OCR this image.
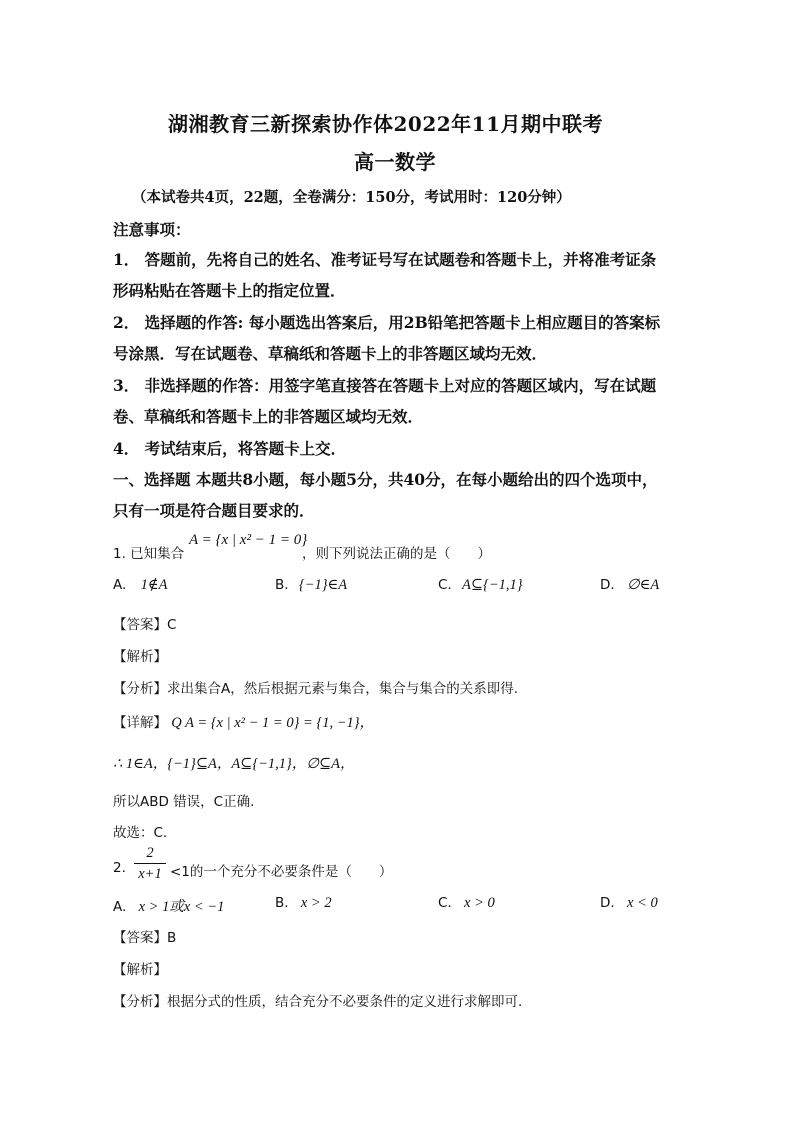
湖湘教育三新探索协作体2022年11月期中联考
高一数学
（本试卷共4页，22题，全卷满分：150分，考试用时：120分钟）
注意事项：
1． 答题前，先将自己的姓名、准考证号写在试题卷和答题卡上，并将准考证条
形码粘贴在答题卡上的指定位置．
2． 选择题的作答: 每小题选出答案后，用2B铅笔把答题卡上相应题目的答案标
号涂黑．写在试题卷、草稿纸和答题卡上的非答题区域均无效．
3． 非选择题的作答：用签字笔直接答在答题卡上对应的答题区域内，写在试题
卷、草稿纸和答题卡上的非答题区域均无效．
4． 考试结束后，将答题卡上交．
一、选择题 本题共8小题，每小题5分，共40分，在每小题给出的四个选项中，
只有一项是符合题目要求的．
1. 已知集合
A = {x | x² − 1 = 0}
，则下列说法正确的是（　　）
A. 1∉A	B. {−1}∈A	C. A⊆{−1,1}	D. ∅∈A
【答案】C
【解析】
【分析】求出集合A，然后根据元素与集合，集合与集合的关系即得.
【详解】 Q A = {x | x² − 1 = 0} = {1, −1}，
∴ 1∈A，{−1}⊆A，A⊆{−1,1}，∅⊆A，
所以ABD 错误，C正确.
故选：C.
2.
2
x+1 <1的一个充分不必要条件是（　　）
A. x > 1或x < −1	B. x > 2	C. x > 0	D. x < 0
【答案】B
【解析】
【分析】根据分式的性质，结合充分不必要条件的定义进行求解即可.
